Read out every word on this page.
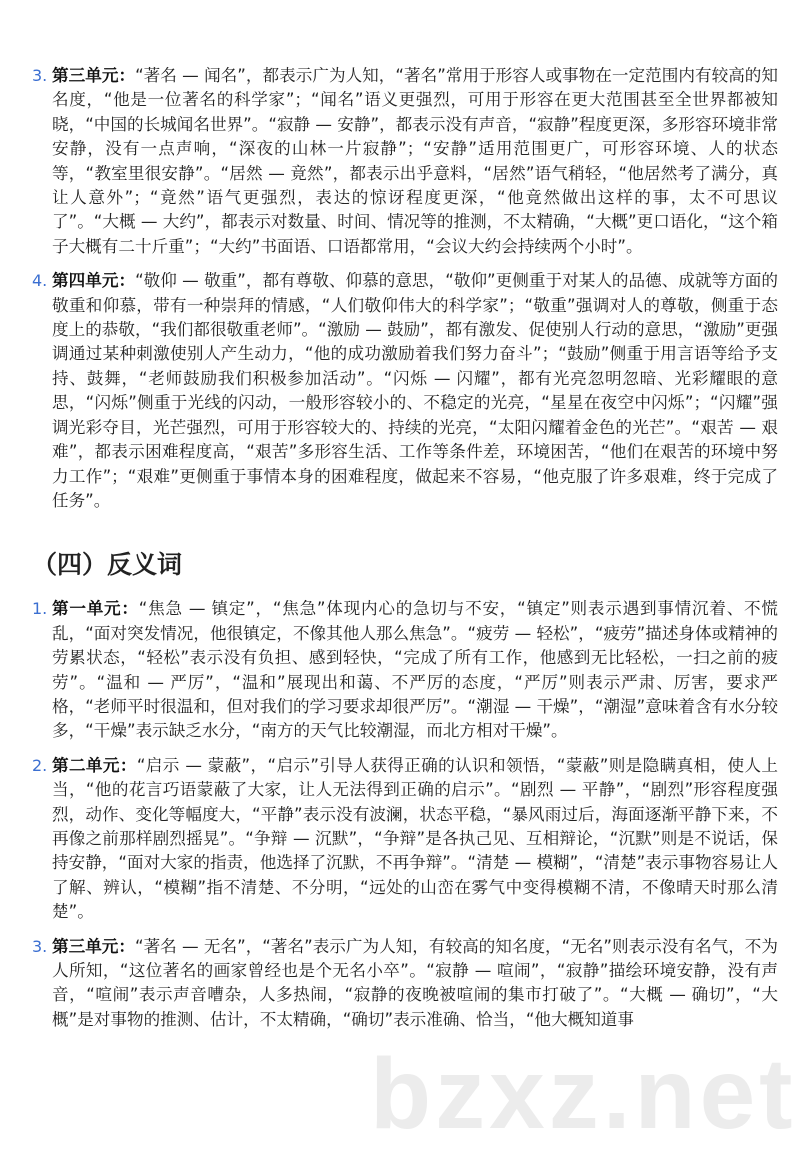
3. 第三单元：“著名 — 闻名”，都表示广为人知，“著名”常用于形容人或事物在一定范围内有较高的知名度，“他是一位著名的科学家”；“闻名”语义更强烈，可用于形容在更大范围甚至全世界都被知晓，“中国的长城闻名世界”。“寂静 — 安静”，都表示没有声音，“寂静”程度更深，多形容环境非常安静，没有一点声响，“深夜的山林一片寂静”；“安静”适用范围更广，可形容环境、人的状态等，“教室里很安静”。“居然 — 竟然”，都表示出乎意料，“居然”语气稍轻，“他居然考了满分，真让人意外”；“竟然”语气更强烈，表达的惊讶程度更深，“他竟然做出这样的事，太不可思议了”。“大概 — 大约”，都表示对数量、时间、情况等的推测，不太精确，“大概”更口语化，“这个箱子大概有二十斤重”；“大约”书面语、口语都常用，“会议大约会持续两个小时”。
4. 第四单元：“敬仰 — 敬重”，都有尊敬、仰慕的意思，“敬仰”更侧重于对某人的品德、成就等方面的敬重和仰慕，带有一种崇拜的情感，“人们敬仰伟大的科学家”；“敬重”强调对人的尊敬，侧重于态度上的恭敬，“我们都很敬重老师”。“激励 — 鼓励”，都有激发、促使别人行动的意思，“激励”更强调通过某种刺激使别人产生动力，“他的成功激励着我们努力奋斗”；“鼓励”侧重于用言语等给予支持、鼓舞，“老师鼓励我们积极参加活动”。“闪烁 — 闪耀”，都有光亮忽明忽暗、光彩耀眼的意思，“闪烁”侧重于光线的闪动，一般形容较小的、不稳定的光亮，“星星在夜空中闪烁”；“闪耀”强调光彩夺目，光芒强烈，可用于形容较大的、持续的光亮，“太阳闪耀着金色的光芒”。“艰苦 — 艰难”，都表示困难程度高，“艰苦”多形容生活、工作等条件差，环境困苦，“他们在艰苦的环境中努力工作”；“艰难”更侧重于事情本身的困难程度，做起来不容易，“他克服了许多艰难，终于完成了任务”。
（四）反义词
1. 第一单元：“焦急 — 镇定”，“焦急”体现内心的急切与不安，“镇定”则表示遇到事情沉着、不慌乱，“面对突发情况，他很镇定，不像其他人那么焦急”。“疲劳 — 轻松”，“疲劳”描述身体或精神的劳累状态，“轻松”表示没有负担、感到轻快，“完成了所有工作，他感到无比轻松，一扫之前的疲劳”。“温和 — 严厉”，“温和”展现出和蔼、不严厉的态度，“严厉”则表示严肃、厉害，要求严格，“老师平时很温和，但对我们的学习要求却很严厉”。“潮湿 — 干燥”，“潮湿”意味着含有水分较多，“干燥”表示缺乏水分，“南方的天气比较潮湿，而北方相对干燥”。
2. 第二单元：“启示 — 蒙蔽”，“启示”引导人获得正确的认识和领悟，“蒙蔽”则是隐瞒真相，使人上当，“他的花言巧语蒙蔽了大家，让人无法得到正确的启示”。“剧烈 — 平静”，“剧烈”形容程度强烈，动作、变化等幅度大，“平静”表示没有波澜，状态平稳，“暴风雨过后，海面逐渐平静下来，不再像之前那样剧烈摇晃”。“争辩 — 沉默”，“争辩”是各执己见、互相辩论，“沉默”则是不说话，保持安静，“面对大家的指责，他选择了沉默，不再争辩”。“清楚 — 模糊”，“清楚”表示事物容易让人了解、辨认，“模糊”指不清楚、不分明，“远处的山峦在雾气中变得模糊不清，不像晴天时那么清楚”。
3. 第三单元：“著名 — 无名”，“著名”表示广为人知，有较高的知名度，“无名”则表示没有名气，不为人所知，“这位著名的画家曾经也是个无名小卒”。“寂静 — 喧闹”，“寂静”描绘环境安静，没有声音，“喧闹”表示声音嘈杂，人多热闹，“寂静的夜晚被喧闹的集市打破了”。“大概 — 确切”，“大概”是对事物的推测、估计，不太精确，“确切”表示准确、恰当，“他大概知道事
bzxz.net
